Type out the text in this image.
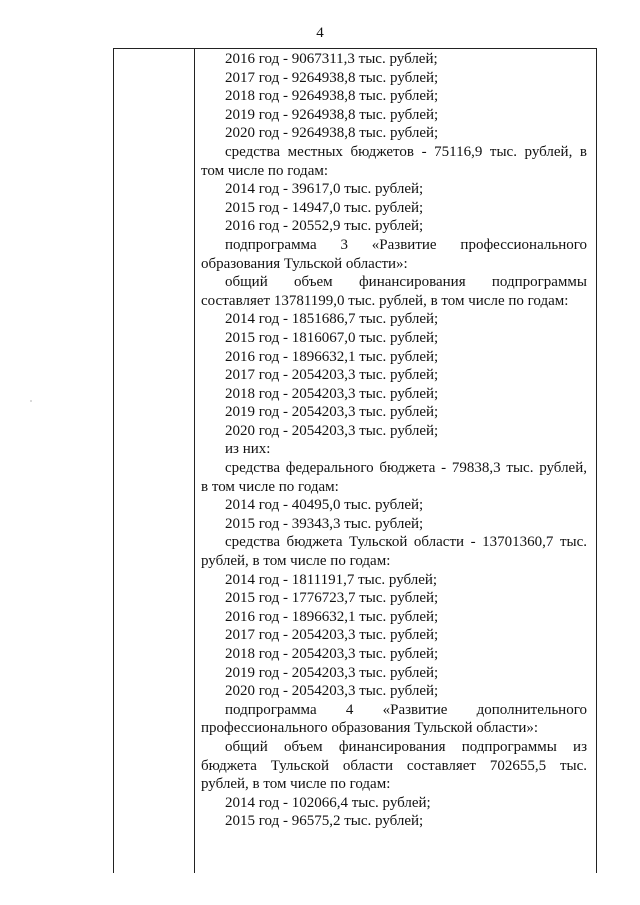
4
2016 год - 9067311,3 тыс. рублей;
2017 год - 9264938,8 тыс. рублей;
2018 год - 9264938,8 тыс. рублей;
2019 год - 9264938,8 тыс. рублей;
2020 год - 9264938,8 тыс. рублей;
средства местных бюджетов - 75116,9 тыс. рублей, в
том числе по годам:
2014 год - 39617,0 тыс. рублей;
2015 год - 14947,0 тыс. рублей;
2016 год - 20552,9 тыс. рублей;
подпрограмма 3 «Развитие профессионального
образования Тульской области»:
общий объем финансирования подпрограммы
составляет 13781199,0 тыс. рублей, в том числе по годам:
2014 год - 1851686,7 тыс. рублей;
2015 год - 1816067,0 тыс. рублей;
2016 год - 1896632,1 тыс. рублей;
2017 год - 2054203,3 тыс. рублей;
2018 год - 2054203,3 тыс. рублей;
2019 год - 2054203,3 тыс. рублей;
2020 год - 2054203,3 тыс. рублей;
из них:
средства федерального бюджета - 79838,3 тыс. рублей,
в том числе по годам:
2014 год - 40495,0 тыс. рублей;
2015 год - 39343,3 тыс. рублей;
средства бюджета Тульской области - 13701360,7 тыс.
рублей, в том числе по годам:
2014 год - 1811191,7 тыс. рублей;
2015 год - 1776723,7 тыс. рублей;
2016 год - 1896632,1 тыс. рублей;
2017 год - 2054203,3 тыс. рублей;
2018 год - 2054203,3 тыс. рублей;
2019 год - 2054203,3 тыс. рублей;
2020 год - 2054203,3 тыс. рублей;
подпрограмма 4 «Развитие дополнительного
профессионального образования Тульской области»:
общий объем финансирования подпрограммы из
бюджета Тульской области составляет 702655,5 тыс.
рублей, в том числе по годам:
2014 год - 102066,4 тыс. рублей;
2015 год - 96575,2 тыс. рублей;
